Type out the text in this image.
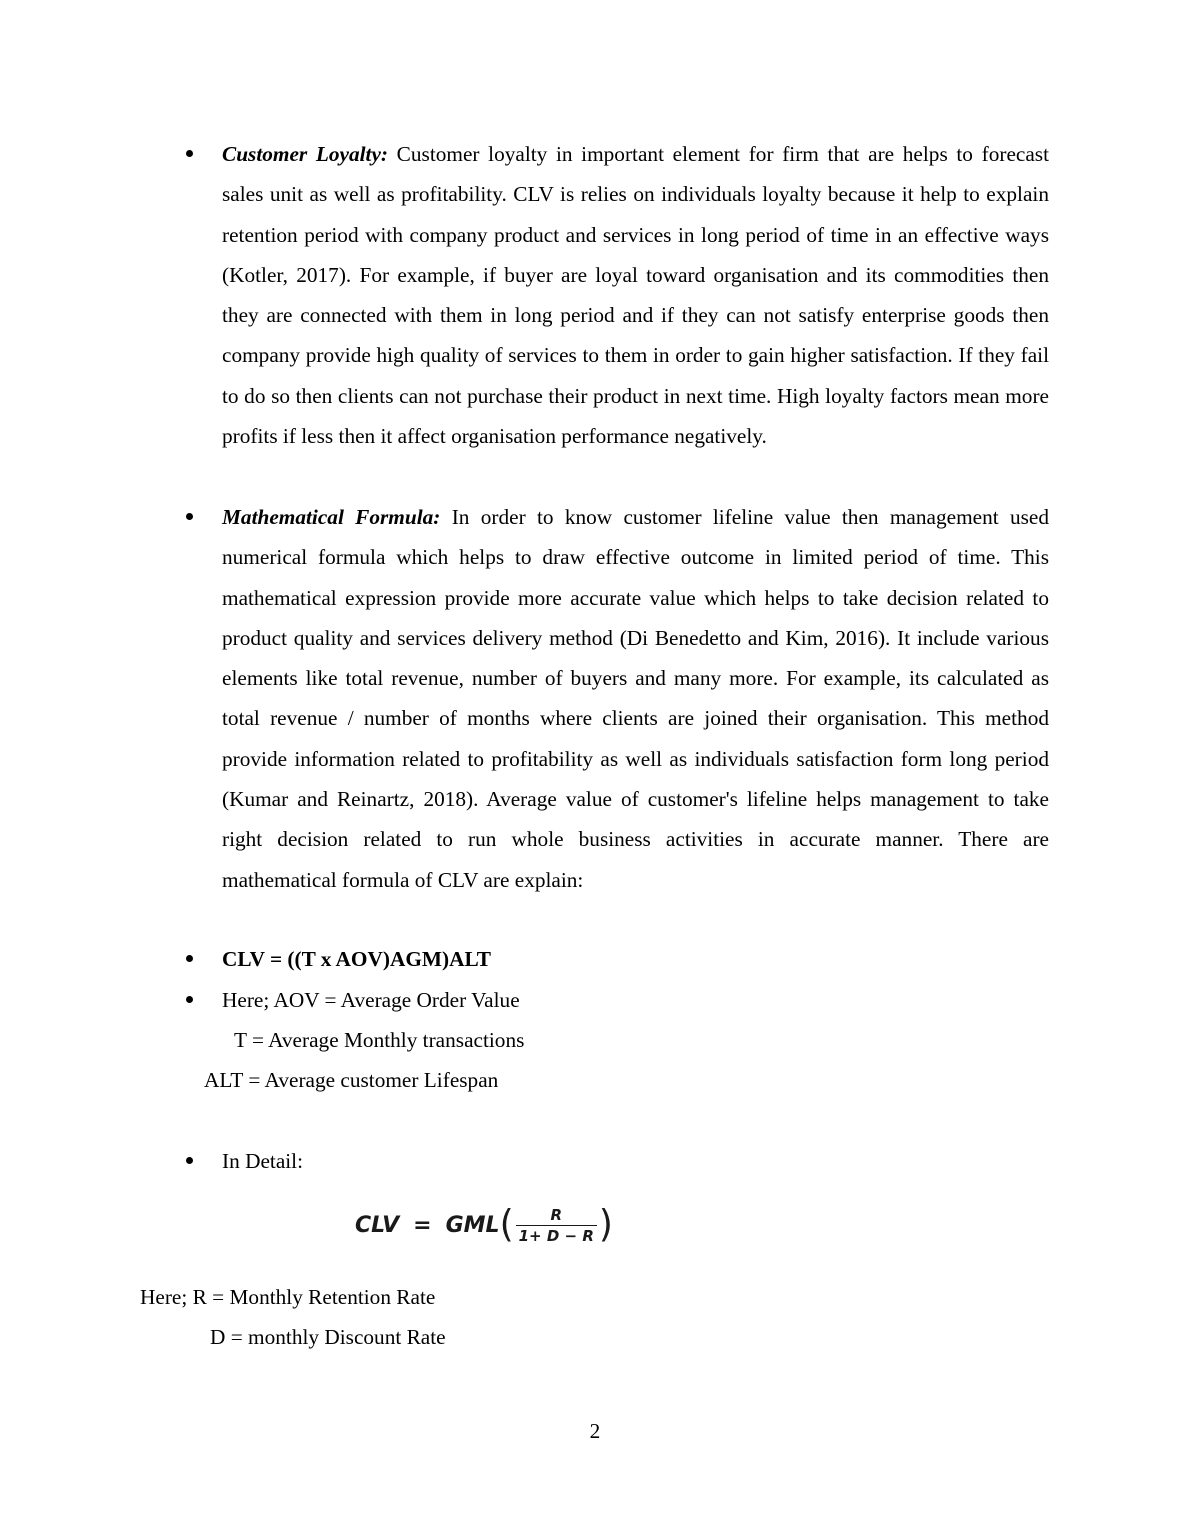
Customer Loyalty: Customer loyalty in important element for firm that are helps to forecast sales unit as well as profitability. CLV is relies on individuals loyalty because it help to explain retention period with company product and services in long period of time in an effective ways (Kotler, 2017). For example, if buyer are loyal toward organisation and its commodities then they are connected with them in long period and if they can not satisfy enterprise goods then company provide high quality of services to them in order to gain higher satisfaction. If they fail to do so then clients can not purchase their product in next time. High loyalty factors mean more profits if less then it affect organisation performance negatively.
Mathematical Formula: In order to know customer lifeline value then management used numerical formula which helps to draw effective outcome in limited period of time. This mathematical expression provide more accurate value which helps to take decision related to product quality and services delivery method (Di Benedetto and Kim, 2016). It include various elements like total revenue, number of buyers and many more. For example, its calculated as total revenue / number of months where clients are joined their organisation. This method provide information related to profitability as well as individuals satisfaction form long period (Kumar and Reinartz, 2018). Average value of customer's lifeline helps management to take right decision related to run whole business activities in accurate manner. There are mathematical formula of CLV are explain:
CLV = ((T x AOV)AGM)ALT
Here; AOV = Average Order Value
T = Average Monthly transactions
ALT = Average customer Lifespan
In Detail:
CLV = GML ( $\frac{R}{1+ D - R}$ )
Here; R = Monthly Retention Rate
D = monthly Discount Rate
2
